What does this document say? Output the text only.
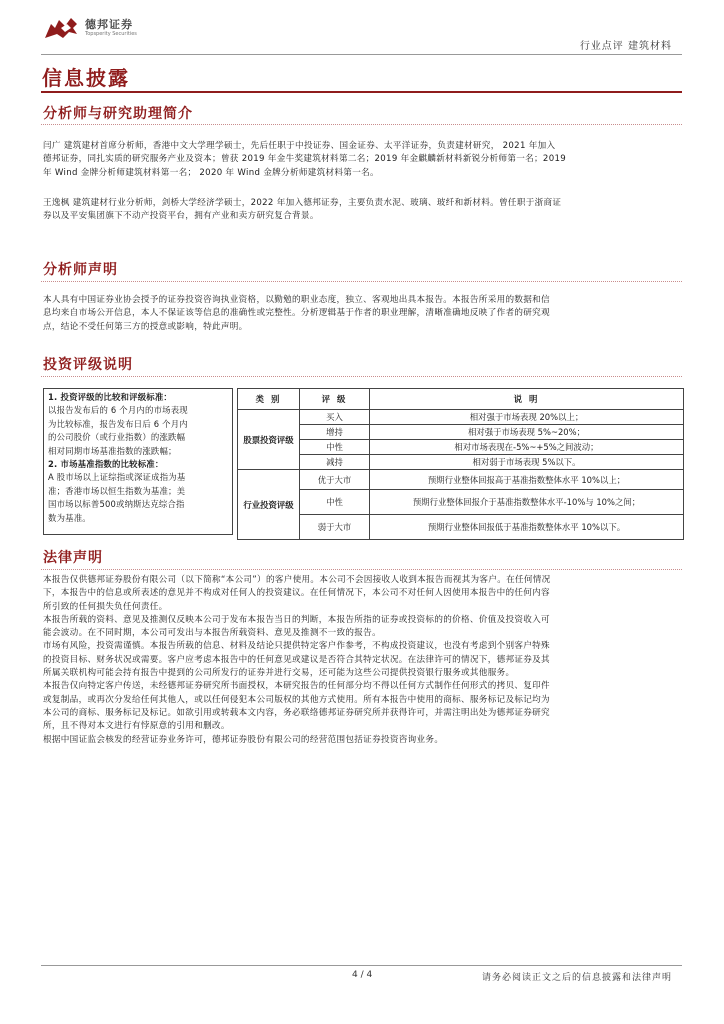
德邦证券
Topsperity Securities
行业点评 建筑材料
信息披露
分析师与研究助理简介
闫广 建筑建材首席分析师，香港中文大学理学硕士，先后任职于中投证券、国金证券、太平洋证券，负责建材研究， 2021 年加入
德邦证券，同扎实质的研究服务产业及资本；曾获 2019 年金牛奖建筑材料第二名；2019 年金麒麟新材料新锐分析师第一名；2019
年 Wind 金牌分析师建筑材料第一名； 2020 年 Wind 金牌分析师建筑材料第一名。
王逸枫 建筑建材行业分析师，剑桥大学经济学硕士，2022 年加入德邦证券，主要负责水泥、玻璃、玻纤和新材料。曾任职于浙商证
券以及平安集团旗下不动产投资平台，拥有产业和卖方研究复合背景。
分析师声明
本人具有中国证券业协会授予的证券投资咨询执业资格，以勤勉的职业态度，独立、客观地出具本报告。本报告所采用的数据和信
息均来自市场公开信息，本人不保证该等信息的准确性或完整性。分析逻辑基于作者的职业理解，清晰准确地反映了作者的研究观
点，结论不受任何第三方的授意或影响，特此声明。
投资评级说明
1. 投资评级的比较和评级标准：
以报告发布后的 6 个月内的市场表现
为比较标准，报告发布日后 6 个月内
的公司股价（或行业指数）的涨跌幅
相对同期市场基准指数的涨跌幅；
2. 市场基准指数的比较标准：
A 股市场以上证综指或深证成指为基
准；香港市场以恒生指数为基准；美
国市场以标普500或纳斯达克综合指
数为基准。
类 别	评 级	说 明
股票投资评级	买入	相对强于市场表现 20%以上；
	增持	相对强于市场表现 5%~20%；
	中性	相对市场表现在-5%~+5%之间波动；
	减持	相对弱于市场表现 5%以下。
行业投资评级	优于大市	预期行业整体回报高于基准指数整体水平 10%以上；
	中性	预期行业整体回报介于基准指数整体水平-10%与 10%之间；
	弱于大市	预期行业整体回报低于基准指数整体水平 10%以下。
法律声明
本报告仅供德邦证券股份有限公司（以下简称“本公司”）的客户使用。本公司不会因接收人收到本报告而视其为客户。在任何情况
下，本报告中的信息或所表述的意见并不构成对任何人的投资建议。在任何情况下，本公司不对任何人因使用本报告中的任何内容
所引致的任何损失负任何责任。
本报告所载的资料、意见及推测仅反映本公司于发布本报告当日的判断，本报告所指的证券或投资标的的价格、价值及投资收入可
能会波动。在不同时期，本公司可发出与本报告所载资料、意见及推测不一致的报告。
市场有风险，投资需谨慎。本报告所载的信息、材料及结论只提供特定客户作参考，不构成投资建议，也没有考虑到个别客户特殊
的投资目标、财务状况或需要。客户应考虑本报告中的任何意见或建议是否符合其特定状况。在法律许可的情况下，德邦证券及其
所属关联机构可能会持有报告中提到的公司所发行的证券并进行交易，还可能为这些公司提供投资银行服务或其他服务。
本报告仅向特定客户传送，未经德邦证券研究所书面授权，本研究报告的任何部分均不得以任何方式制作任何形式的拷贝、复印件
或复制品，或再次分发给任何其他人，或以任何侵犯本公司版权的其他方式使用。所有本报告中使用的商标、服务标记及标记均为
本公司的商标、服务标记及标记。如欲引用或转载本文内容，务必联络德邦证券研究所并获得许可，并需注明出处为德邦证券研究
所，且不得对本文进行有悖原意的引用和删改。
根据中国证监会核发的经营证券业务许可，德邦证券股份有限公司的经营范围包括证券投资咨询业务。
4 / 4	请务必阅读正文之后的信息披露和法律声明
